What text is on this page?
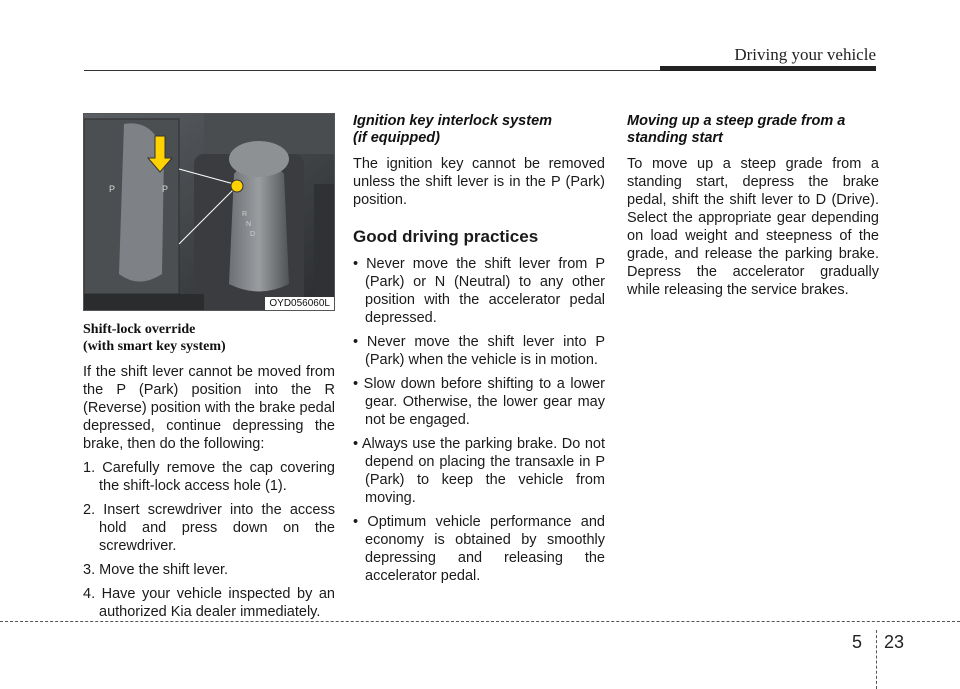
Driving your vehicle
P
P
R
N
D
OYD056060L
Shift-lock override
(with smart key system)

If the shift lever cannot be moved from the P (Park) position into the R (Reverse) position with the brake pedal depressed, continue depressing the brake, then do the following:

1. Carefully remove the cap covering the shift-lock access hole (1).
2. Insert screwdriver into the access hold and press down on the screwdriver.
3. Move the shift lever.
4. Have your vehicle inspected by an authorized Kia dealer immediately.
Ignition key interlock system
(if equipped)

The ignition key cannot be removed unless the shift lever is in the P (Park) position.

Good driving practices
• Never move the shift lever from P (Park) or N (Neutral) to any other position with the accelerator pedal depressed.
• Never move the shift lever into P (Park) when the vehicle is in motion.
• Slow down before shifting to a lower gear. Otherwise, the lower gear may not be engaged.
• Always use the parking brake. Do not depend on placing the transaxle in P (Park) to keep the vehicle from moving.
• Optimum vehicle performance and economy is obtained by smoothly depressing and releasing the accelerator pedal.
Moving up a steep grade from a
standing start

To move up a steep grade from a standing start, depress the brake pedal, shift the shift lever to D (Drive). Select the appropriate gear depending on load weight and steepness of the grade, and release the parking brake. Depress the accelerator gradually while releasing the service brakes.

5 23
